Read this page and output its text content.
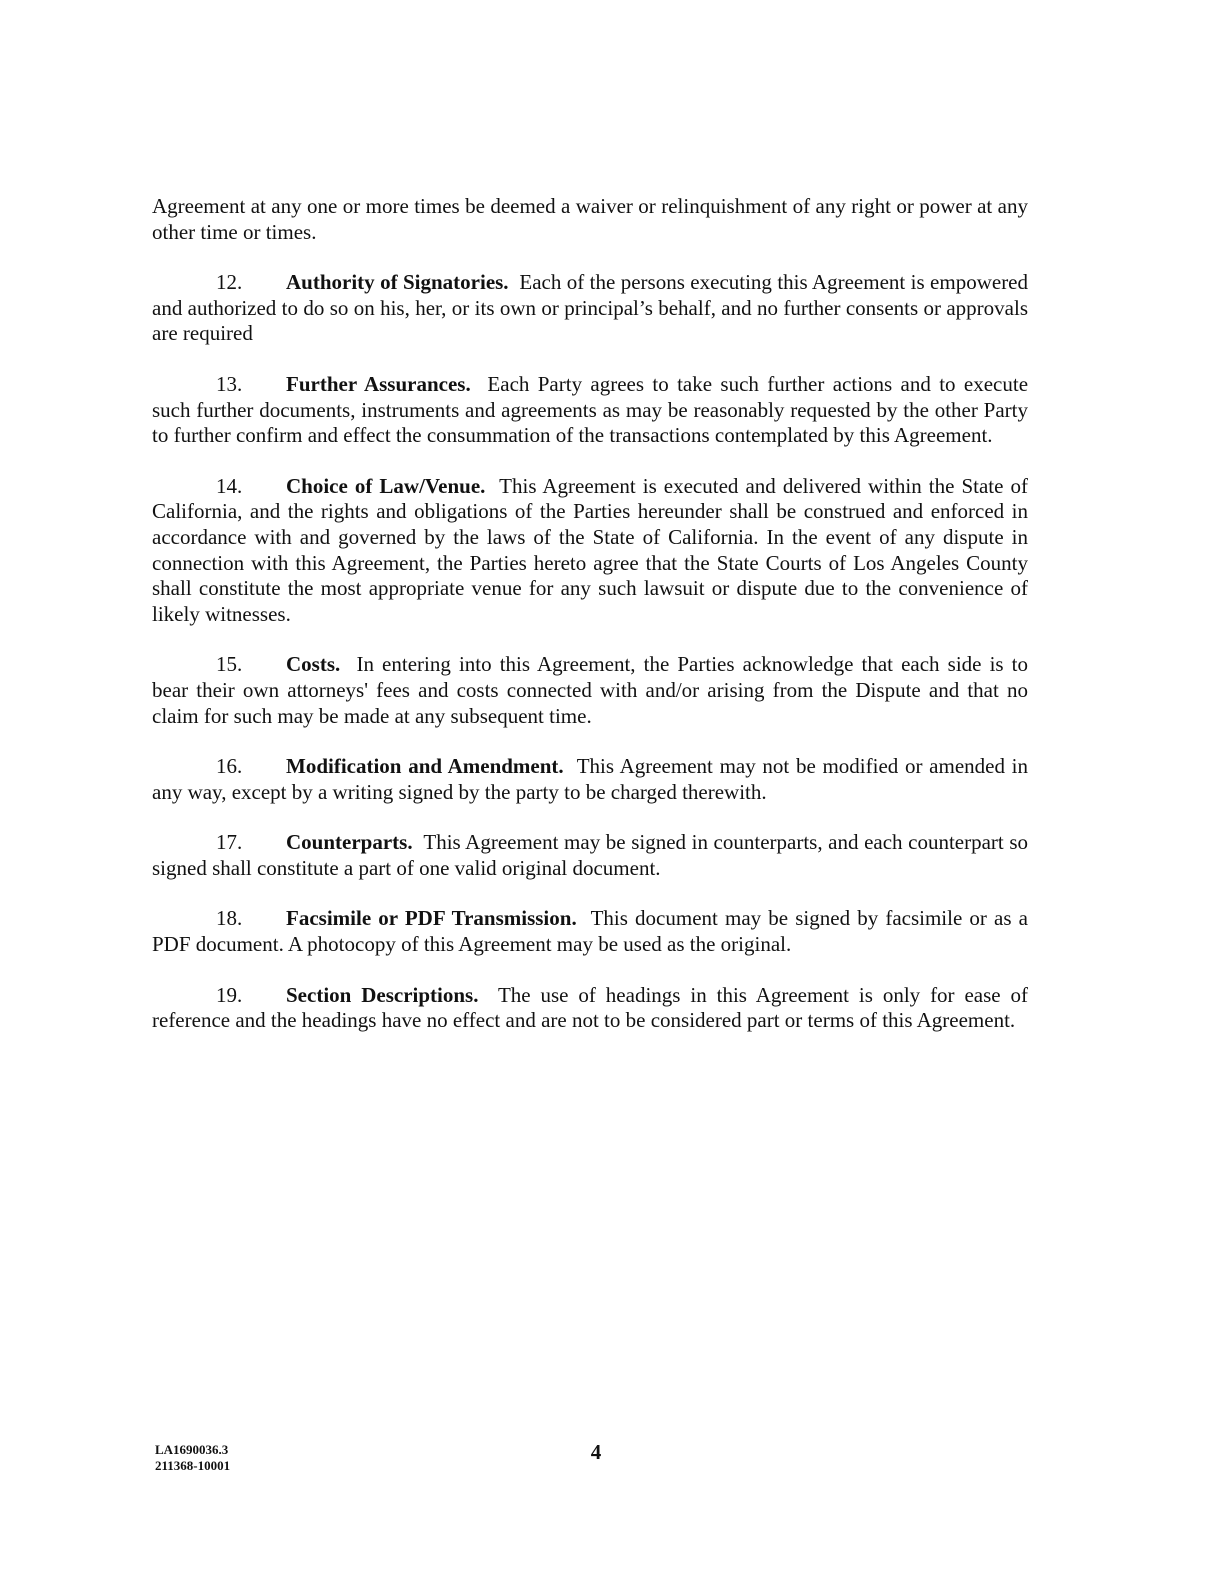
Agreement at any one or more times be deemed a waiver or relinquishment of any right or power at any other time or times.

12. Authority of Signatories. Each of the persons executing this Agreement is empowered and authorized to do so on his, her, or its own or principal’s behalf, and no further consents or approvals are required

13. Further Assurances. Each Party agrees to take such further actions and to execute such further documents, instruments and agreements as may be reasonably requested by the other Party to further confirm and effect the consummation of the transactions contemplated by this Agreement.

14. Choice of Law/Venue. This Agreement is executed and delivered within the State of California, and the rights and obligations of the Parties hereunder shall be construed and enforced in accordance with and governed by the laws of the State of California. In the event of any dispute in connection with this Agreement, the Parties hereto agree that the State Courts of Los Angeles County shall constitute the most appropriate venue for any such lawsuit or dispute due to the convenience of likely witnesses.

15. Costs. In entering into this Agreement, the Parties acknowledge that each side is to bear their own attorneys' fees and costs connected with and/or arising from the Dispute and that no claim for such may be made at any subsequent time.

16. Modification and Amendment. This Agreement may not be modified or amended in any way, except by a writing signed by the party to be charged therewith.

17. Counterparts. This Agreement may be signed in counterparts, and each counterpart so signed shall constitute a part of one valid original document.

18. Facsimile or PDF Transmission. This document may be signed by facsimile or as a PDF document. A photocopy of this Agreement may be used as the original.

19. Section Descriptions. The use of headings in this Agreement is only for ease of reference and the headings have no effect and are not to be considered part or terms of this Agreement.

LA1690036.3
211368-10001
4
